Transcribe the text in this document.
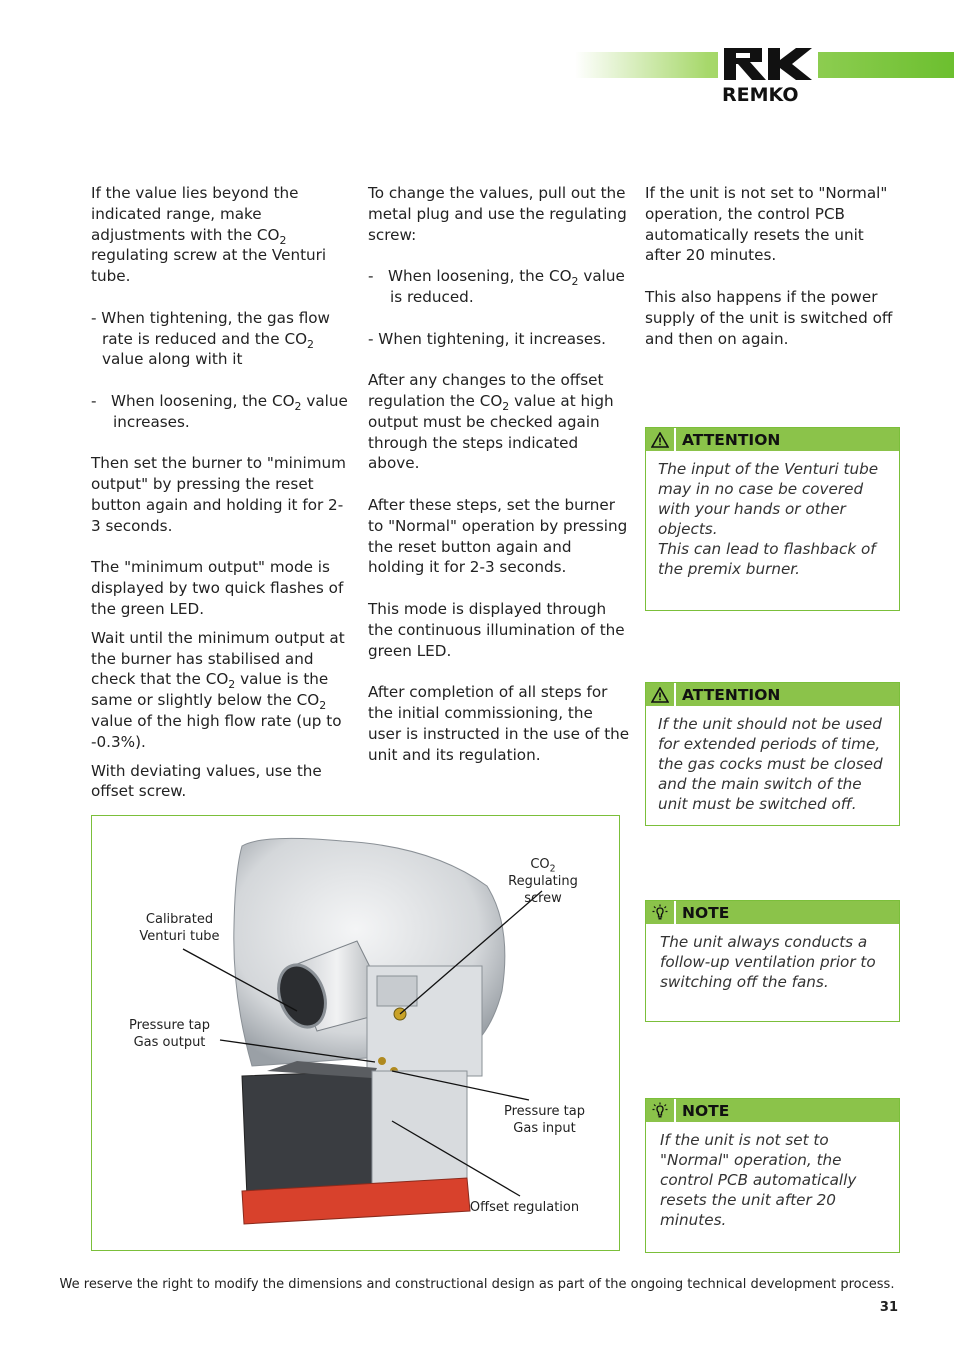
REMKO

If the value lies beyond the indicated range, make adjustments with the $CO_2$ regulating screw at the Venturi tube.

- When tightening, the gas flow rate is reduced and the $CO_2$ value along with it

-   When loosening, the $CO_2$ value increases.

Then set the burner to "minimum output" by pressing the reset button again and holding it for 2-3 seconds.

The "minimum output" mode is displayed by two quick flashes of the green LED.

Wait until the minimum output at the burner has stabilised and check that the $CO_2$ value is the same or slightly below the $CO_2$ value of the high flow rate (up to -0.3%).

With deviating values, use the offset screw.

To change the values, pull out the metal plug and use the regulating screw:

-   When loosening, the $CO_2$ value is reduced.

- When tightening, it increases.

After any changes to the offset regulation the $CO_2$ value at high output must be checked again through the steps indicated above.

After these steps, set the burner to "Normal" operation by pressing the reset button again and holding it for 2-3 seconds.

This mode is displayed through the continuous illumination of the green LED.

After completion of all steps for the initial commissioning, the user is instructed in the use of the unit and its regulation.

If the unit is not set to "Normal" operation, the control PCB automatically resets the unit after 20 minutes.

This also happens if the power supply of the unit is switched off and then on again.

ATTENTION
The input of the Venturi tube may in no case be covered with your hands or other objects.
This can lead to flashback of the premix burner.
ATTENTION
If the unit should not be used for extended periods of time, the gas cocks must be closed and the main switch of the unit must be switched off.
NOTE
The unit always conducts a follow-up ventilation prior to switching off the fans.
NOTE
If the unit is not set to "Normal" operation, the control PCB automatically resets the unit after 20 minutes.
$CO_2$
Regulating screw
Calibrated
Venturi tube
Pressure tap
Gas output
Pressure tap
Gas input
Offset regulation
We reserve the right to modify the dimensions and constructional design as part of the ongoing technical development process.
31
